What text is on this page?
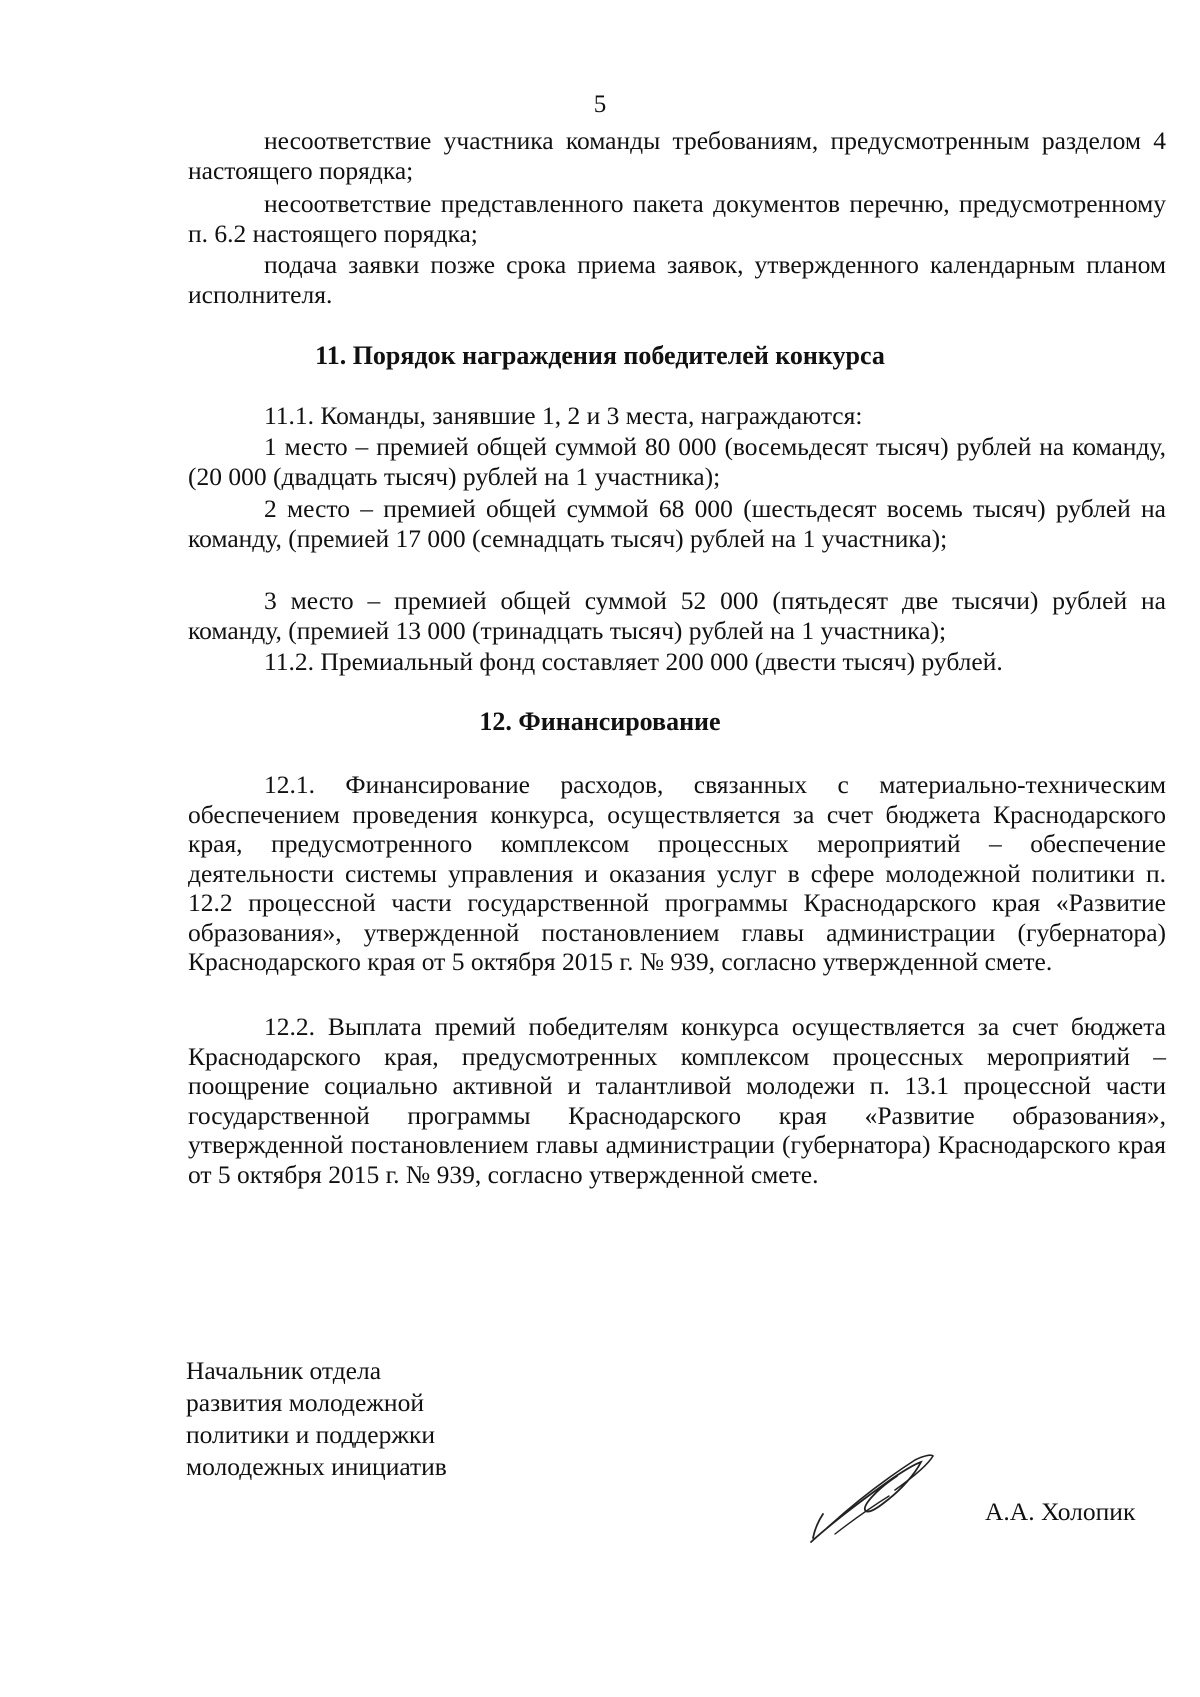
5

несоответствие участника команды требованиям, предусмотренным разделом 4 настоящего порядка;

несоответствие представленного пакета документов перечню, предусмотренному п. 6.2 настоящего порядка;

подача заявки позже срока приема заявок, утвержденного календарным планом исполнителя.

11. Порядок награждения победителей конкурса

11.1. Команды, занявшие 1, 2 и 3 места, награждаются:

1 место – премией общей суммой 80 000 (восемьдесят тысяч) рублей на команду, (20 000 (двадцать тысяч) рублей на 1 участника);

2 место – премией общей суммой 68 000 (шестьдесят восемь тысяч) рублей на команду, (премией 17 000 (семнадцать тысяч) рублей на 1 участника);

3 место – премией общей суммой 52 000 (пятьдесят две тысячи) рублей на команду, (премией 13 000 (тринадцать тысяч) рублей на 1 участника);

11.2. Премиальный фонд составляет 200 000 (двести тысяч) рублей.

12. Финансирование

12.1. Финансирование расходов, связанных с материально-техническим обеспечением проведения конкурса, осуществляется за счет бюджета Краснодарского края, предусмотренного комплексом процессных мероприятий – обеспечение деятельности системы управления и оказания услуг в сфере молодежной политики п. 12.2 процессной части государственной программы Краснодарского края «Развитие образования», утвержденной постановлением главы администрации (губернатора) Краснодарского края от 5 октября 2015 г. № 939, согласно утвержденной смете.

12.2. Выплата премий победителям конкурса осуществляется за счет бюджета Краснодарского края, предусмотренных комплексом процессных мероприятий – поощрение социально активной и талантливой молодежи п. 13.1 процессной части государственной программы Краснодарского края «Развитие образования», утвержденной постановлением главы администрации (губернатора) Краснодарского края от 5 октября 2015 г. № 939, согласно утвержденной смете.

Начальник отдела
развития молодежной
политики и поддержки
молодежных инициатив
А.А. Холопик
